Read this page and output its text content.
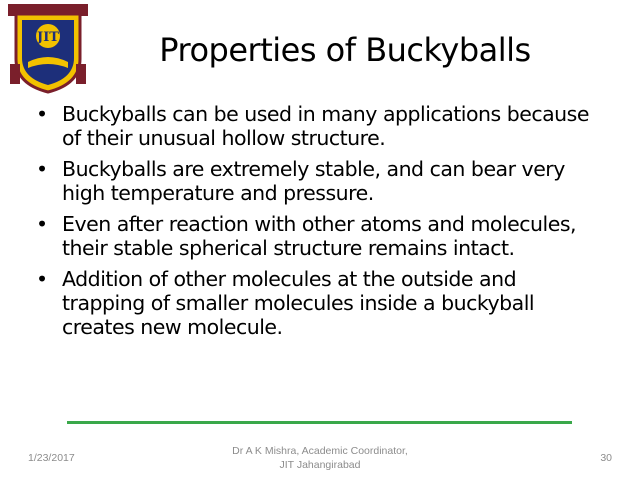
JIT	Properties of Buckyballs
• Buckyballs can be used in many applications because of their unusual hollow structure.
• Buckyballs are extremely stable, and can bear very high temperature and pressure.
• Even after reaction with other atoms and molecules, their stable spherical structure remains intact.
• Addition of other molecules at the outside and trapping of smaller molecules inside a buckyball creates new molecule.
1/23/2017
Dr A K Mishra, Academic Coordinator,
JIT Jahangirabad
30
